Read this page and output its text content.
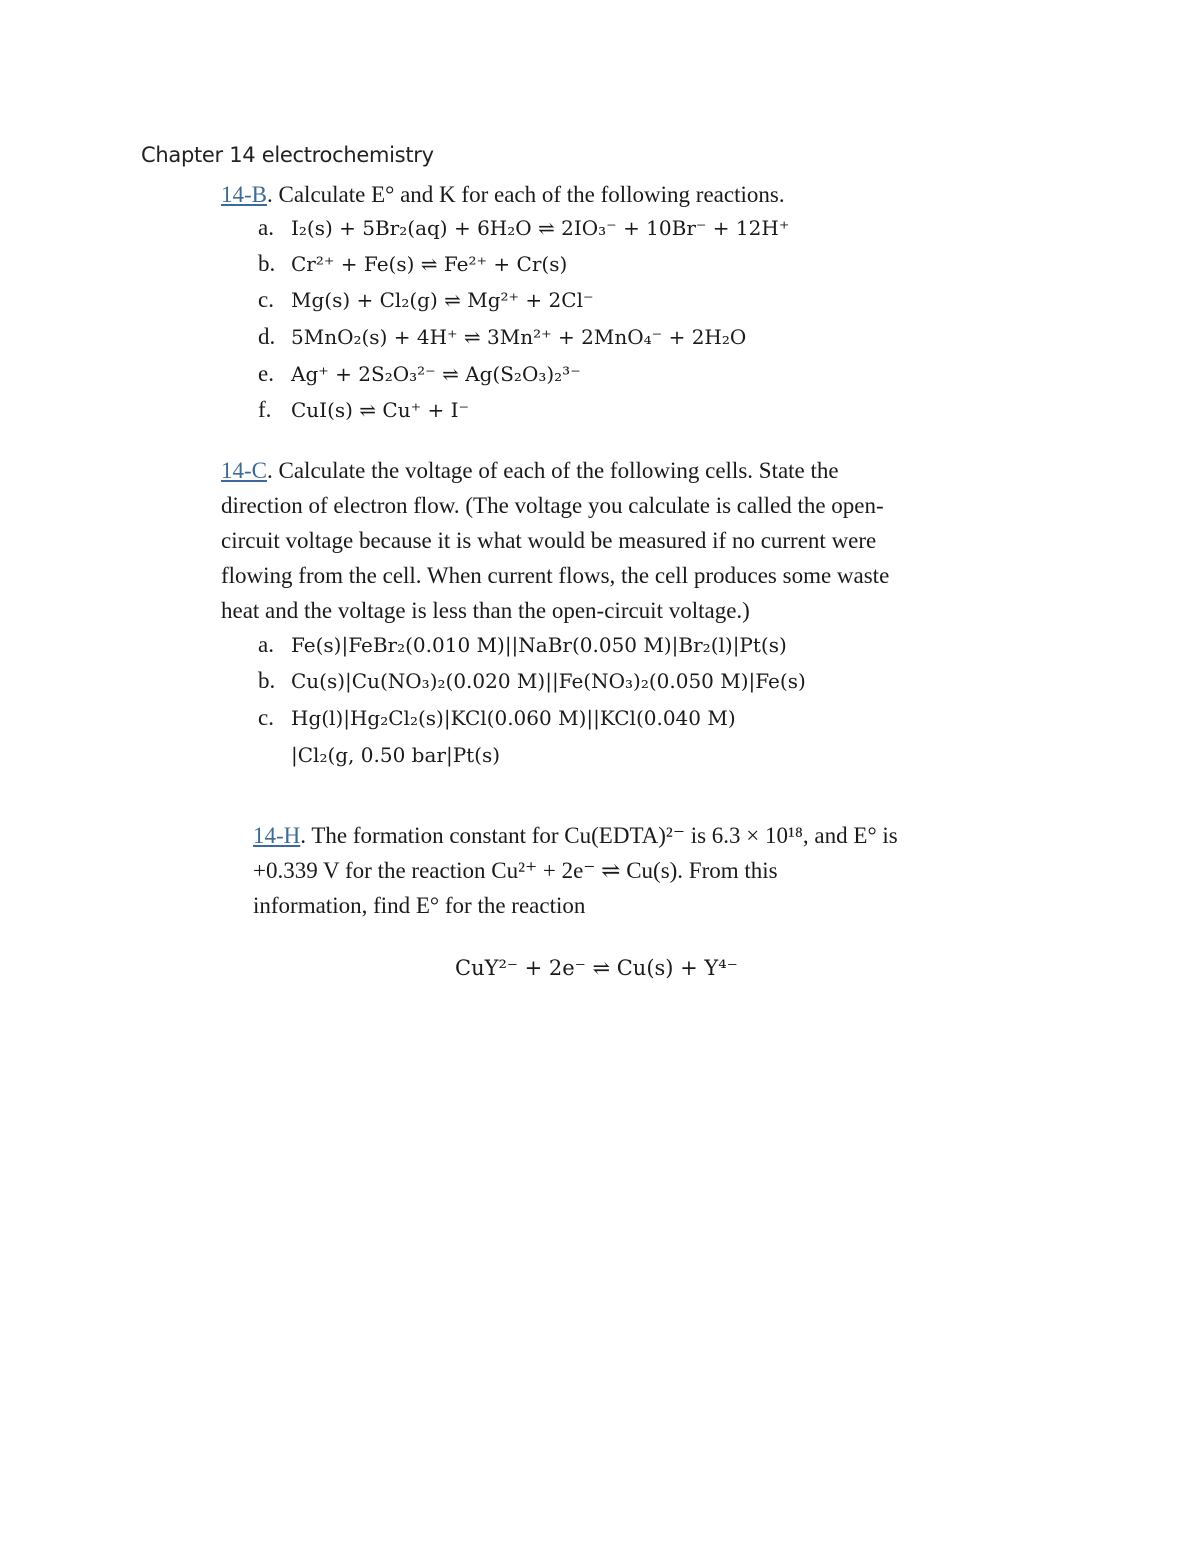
Chapter 14 electrochemistry
14-B. Calculate E° and K for each of the following reactions.
a. I₂(s) + 5Br₂(aq) + 6H₂O ⇌ 2IO₃⁻ + 10Br⁻ + 12H⁺
b. Cr²⁺ + Fe(s) ⇌ Fe²⁺ + Cr(s)
c. Mg(s) + Cl₂(g) ⇌ Mg²⁺ + 2Cl⁻
d. 5MnO₂(s) + 4H⁺ ⇌ 3Mn²⁺ + 2MnO₄⁻ + 2H₂O
e. Ag⁺ + 2S₂O₃²⁻ ⇌ Ag(S₂O₃)₂³⁻
f. CuI(s) ⇌ Cu⁺ + I⁻
14-C. Calculate the voltage of each of the following cells. State the
direction of electron flow. (The voltage you calculate is called the open-
circuit voltage because it is what would be measured if no current were
flowing from the cell. When current flows, the cell produces some waste
heat and the voltage is less than the open-circuit voltage.)
a. Fe(s)|FeBr₂(0.010 M)||NaBr(0.050 M)|Br₂(l)|Pt(s)
b. Cu(s)|Cu(NO₃)₂(0.020 M)||Fe(NO₃)₂(0.050 M)|Fe(s)
c. Hg(l)|Hg₂Cl₂(s)|KCl(0.060 M)||KCl(0.040 M)
|Cl₂(g, 0.50 bar|Pt(s)
14-H. The formation constant for Cu(EDTA)²⁻ is 6.3 × 10¹⁸, and E° is
+0.339 V for the reaction Cu²⁺ + 2e⁻ ⇌ Cu(s). From this
information, find E° for the reaction
CuY²⁻ + 2e⁻ ⇌ Cu(s) + Y⁴⁻
